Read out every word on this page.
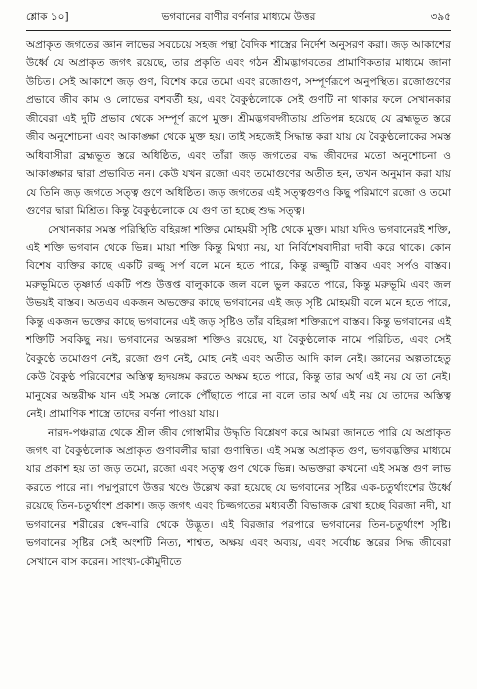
শ্লোক ১০]	ভগবানের বাণীর বর্ণনার মাধ্যমে উত্তর	৩৯৫

অপ্রাকৃত জগতের জ্ঞান লাভের সবচেয়ে সহজ পন্থা বৈদিক শাস্ত্রের নির্দেশ অনুসরণ করা। জড় আকাশের উর্ধ্বে যে অপ্রাকৃত জগৎ রয়েছে, তার প্রকৃতি এবং গঠন শ্রীমদ্ভাগবতের প্রামাণিকতার মাধ্যমে জানা উচিত। সেই আকাশে জড় গুণ, বিশেষ করে তমো এবং রজোগুণ, সম্পূর্ণরূপে অনুপস্থিত। রজোগুণের প্রভাবে জীব কাম ও লোভের বশবর্তী হয়, এবং বৈকুণ্ঠলোকে সেই গুণটি না থাকার ফলে সেখানকার জীবেরা এই দুটি প্রভাব থেকে সম্পূর্ণ রূপে মুক্ত। শ্রীমদ্ভগবদ্গীতায় প্রতিপন্ন হয়েছে যে ব্রহ্মভূত স্তরে জীব অনুশোচনা এবং আকাঙ্ক্ষা থেকে মুক্ত হয়। তাই সহজেই সিদ্ধান্ত করা যায় যে বৈকুণ্ঠলোকের সমস্ত অধিবাসীরা ব্রহ্মভূত স্তরে অধিষ্ঠিত, এবং তাঁরা জড় জগতের বদ্ধ জীবদের মতো অনুশোচনা ও আকাঙ্ক্ষার দ্বারা প্রভাবিত নন। কেউ যখন রজো এবং তমোগুণের অতীত হন, তখন অনুমান করা যায় যে তিনি জড় জগতে সত্ত্ব গুণে অধিষ্ঠিত। জড় জগতের এই সত্ত্বগুণও কিছু পরিমাণে রজো ও তমো গুণের দ্বারা মিশ্রিত। কিন্তু বৈকুণ্ঠলোকে যে গুণ তা হচ্ছে শুদ্ধ সত্ত্ব।

সেখানকার সমস্ত পরিস্থিতি বহিরঙ্গা শক্তির মোহময়ী সৃষ্টি থেকে মুক্ত। মায়া যদিও ভগবানেরই শক্তি, এই শক্তি ভগবান থেকে ভিন্ন। মায়া শক্তি কিন্তু মিথ্যা নয়, যা নির্বিশেষবাদীরা দাবী করে থাকে। কোন বিশেষ ব্যক্তির কাছে একটি রজ্জু সর্প বলে মনে হতে পারে, কিন্তু রজ্জুটি বাস্তব এবং সর্পও বাস্তব। মরুভূমিতে তৃষ্ণার্ত একটি পশু উত্তপ্ত বালুকাকে জল বলে ভুল করতে পারে, কিন্তু মরুভূমি এবং জল উভয়ই বাস্তব। অতএব একজন অভক্তের কাছে ভগবানের এই জড় সৃষ্টি মোহময়ী বলে মনে হতে পারে, কিন্তু একজন ভক্তের কাছে ভগবানের এই জড় সৃষ্টিও তাঁর বহিরঙ্গা শক্তিরূপে বাস্তব। কিন্তু ভগবানের এই শক্তিটি সবকিছু নয়। ভগবানের অন্তরঙ্গা শক্তিও রয়েছে, যা বৈকুণ্ঠলোক নামে পরিচিত, এবং সেই বৈকুণ্ঠে তমোগুণ নেই, রজো গুণ নেই, মোহ নেই এবং অতীত আদি কাল নেই। জ্ঞানের অল্পতাহেতু কেউ বৈকুণ্ঠ পরিবেশের অস্তিত্ব হৃদয়ঙ্গম করতে অক্ষম হতে পারে, কিন্তু তার অর্থ এই নয় যে তা নেই। মানুষের অন্তরীক্ষ যান এই সমস্ত লোকে পৌঁছাতে পারে না বলে তার অর্থ এই নয় যে তাদের অস্তিত্ব নেই। প্রামাণিক শাস্ত্রে তাদের বর্ণনা পাওয়া যায়।

নারদ-পঞ্চরাত্র থেকে শ্রীল জীব গোস্বামীর উদ্ধৃতি বিশ্লেষণ করে আমরা জানতে পারি যে অপ্রাকৃত জগৎ বা বৈকুণ্ঠলোক অপ্রাকৃত গুণাবলীর দ্বারা গুণান্বিত। এই সমস্ত অপ্রাকৃত গুণ, ভগবদ্ভক্তির মাধ্যমে যার প্রকাশ হয় তা জড় তমো, রজো এবং সত্ত্ব গুণ থেকে ভিন্ন। অভক্তরা কখনো এই সমস্ত গুণ লাভ করতে পারে না। পদ্মপুরাণে উত্তর খণ্ডে উল্লেখ করা হয়েছে যে ভগবানের সৃষ্টির এক-চতুর্থাংশের উর্ধ্বে রয়েছে তিন-চতুর্থাংশ প্রকাশ। জড় জগৎ এবং চিজ্জগতের মধ্যবর্তী বিভাজক রেখা হচ্ছে বিরজা নদী, যা ভগবানের শরীরের স্বেদ-বারি থেকে উদ্ভূত। এই বিরজার পরপারে ভগবানের তিন-চতুর্থাংশ সৃষ্টি। ভগবানের সৃষ্টির সেই অংশটি নিত্য, শাশ্বত, অক্ষয় এবং অব্যয়, এবং সর্বোচ্চ স্তরের সিদ্ধ জীবেরা সেখানে বাস করেন। সাংখ্য-কৌমুদীতে
